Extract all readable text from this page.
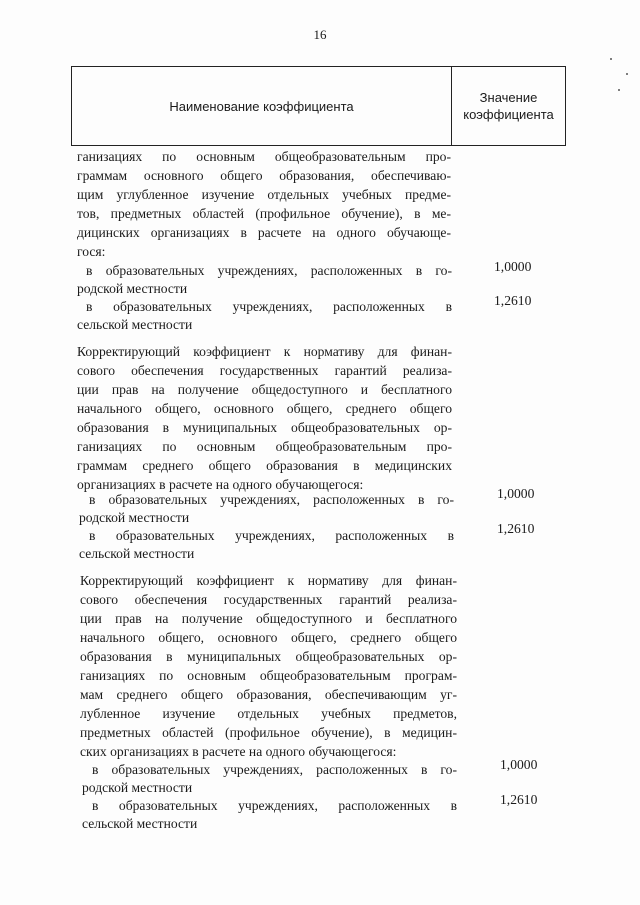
16
Наименование коэффициента
Значение
коэффициента
ганизациях по основным общеобразовательным про-
граммам основного общего образования, обеспечиваю-
щим углубленное изучение отдельных учебных предме-
тов, предметных областей (профильное обучение), в ме-
дицинских организациях в расчете на одного обучающе-
гося:
в образовательных учреждениях, расположенных в го-
родской местности
в образовательных учреждениях, расположенных в
сельской местности
Корректирующий коэффициент к нормативу для финан-
сового обеспечения государственных гарантий реализа-
ции прав на получение общедоступного и бесплатного
начального общего, основного общего, среднего общего
образования в муниципальных общеобразовательных ор-
ганизациях по основным общеобразовательным про-
граммам среднего общего образования в медицинских
организациях в расчете на одного обучающегося:
в образовательных учреждениях, расположенных в го-
родской местности
в образовательных учреждениях, расположенных в
сельской местности
Корректирующий коэффициент к нормативу для финан-
сового обеспечения государственных гарантий реализа-
ции прав на получение общедоступного и бесплатного
начального общего, основного общего, среднего общего
образования в муниципальных общеобразовательных ор-
ганизациях по основным общеобразовательным програм-
мам среднего общего образования, обеспечивающим уг-
лубленное изучение отдельных учебных предметов,
предметных областей (профильное обучение), в медицин-
ских организациях в расчете на одного обучающегося:
в образовательных учреждениях, расположенных в го-
родской местности
в образовательных учреждениях, расположенных в
сельской местности
1,0000
1,2610
1,0000
1,2610
1,0000
1,2610
